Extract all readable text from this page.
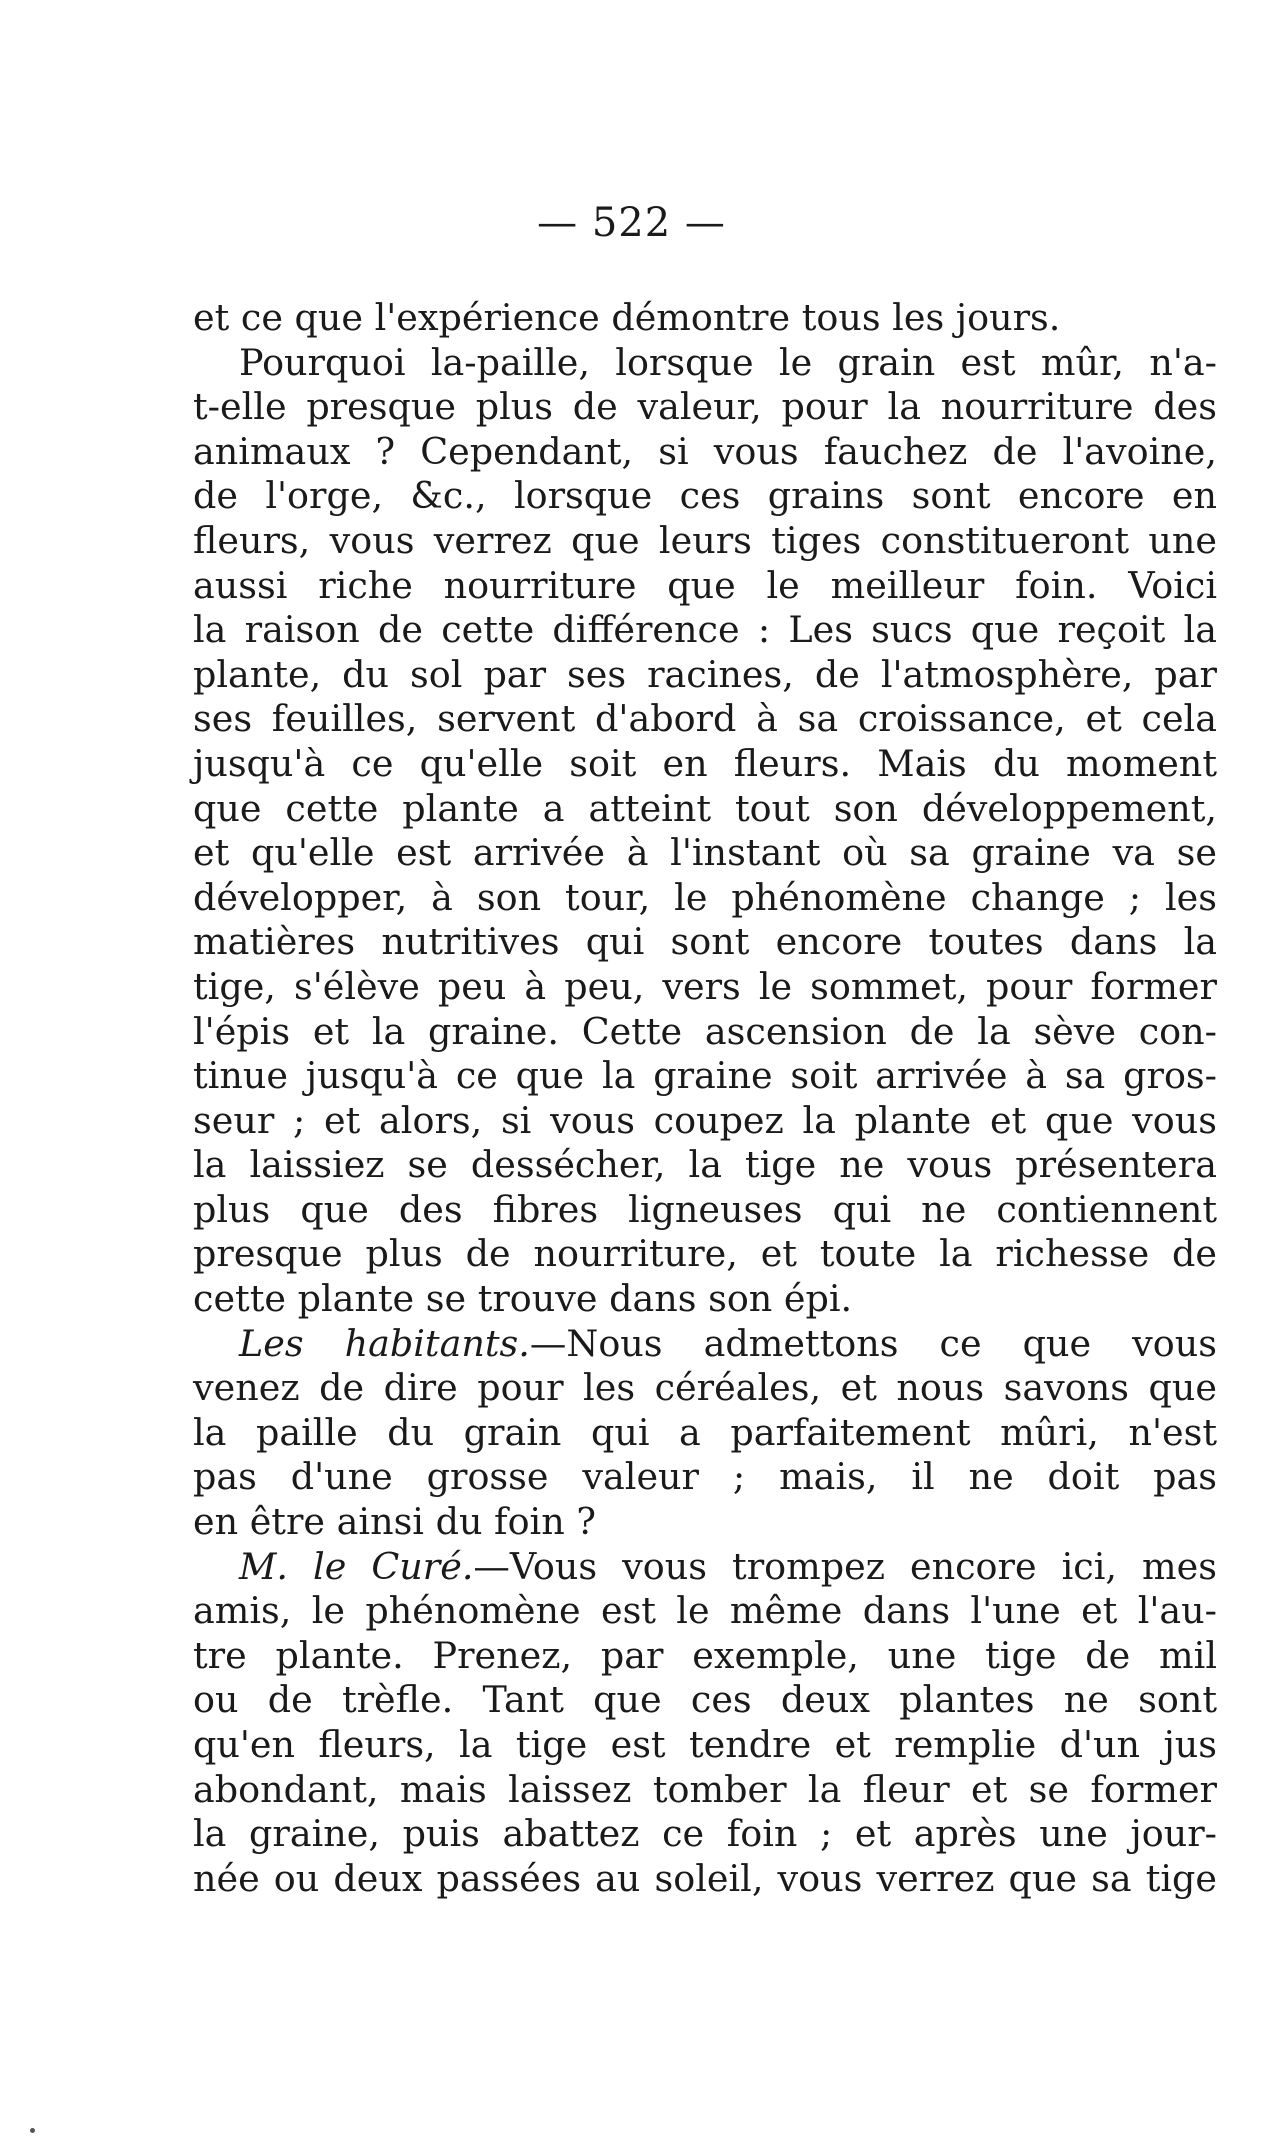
— 522 —
et ce que l'expérience démontre tous les jours.
Pourquoi la-paille, lorsque le grain est mûr, n'a-
t-elle presque plus de valeur, pour la nourriture des
animaux ? Cependant, si vous fauchez de l'avoine,
de l'orge, &c., lorsque ces grains sont encore en
fleurs, vous verrez que leurs tiges constitueront une
aussi riche nourriture que le meilleur foin. Voici
la raison de cette différence : Les sucs que reçoit la
plante, du sol par ses racines, de l'atmosphère, par
ses feuilles, servent d'abord à sa croissance, et cela
jusqu'à ce qu'elle soit en fleurs. Mais du moment
que cette plante a atteint tout son développement,
et qu'elle est arrivée à l'instant où sa graine va se
développer, à son tour, le phénomène change ; les
matières nutritives qui sont encore toutes dans la
tige, s'élève peu à peu, vers le sommet, pour former
l'épis et la graine. Cette ascension de la sève con-
tinue jusqu'à ce que la graine soit arrivée à sa gros-
seur ; et alors, si vous coupez la plante et que vous
la laissiez se dessécher, la tige ne vous présentera
plus que des fibres ligneuses qui ne contiennent
presque plus de nourriture, et toute la richesse de
cette plante se trouve dans son épi.
Les habitants.—Nous admettons ce que vous
venez de dire pour les céréales, et nous savons que
la paille du grain qui a parfaitement mûri, n'est
pas d'une grosse valeur ; mais, il ne doit pas
en être ainsi du foin ?
M. le Curé.—Vous vous trompez encore ici, mes
amis, le phénomène est le même dans l'une et l'au-
tre plante. Prenez, par exemple, une tige de mil
ou de trèfle. Tant que ces deux plantes ne sont
qu'en fleurs, la tige est tendre et remplie d'un jus
abondant, mais laissez tomber la fleur et se former
la graine, puis abattez ce foin ; et après une jour-
née ou deux passées au soleil, vous verrez que sa tige
